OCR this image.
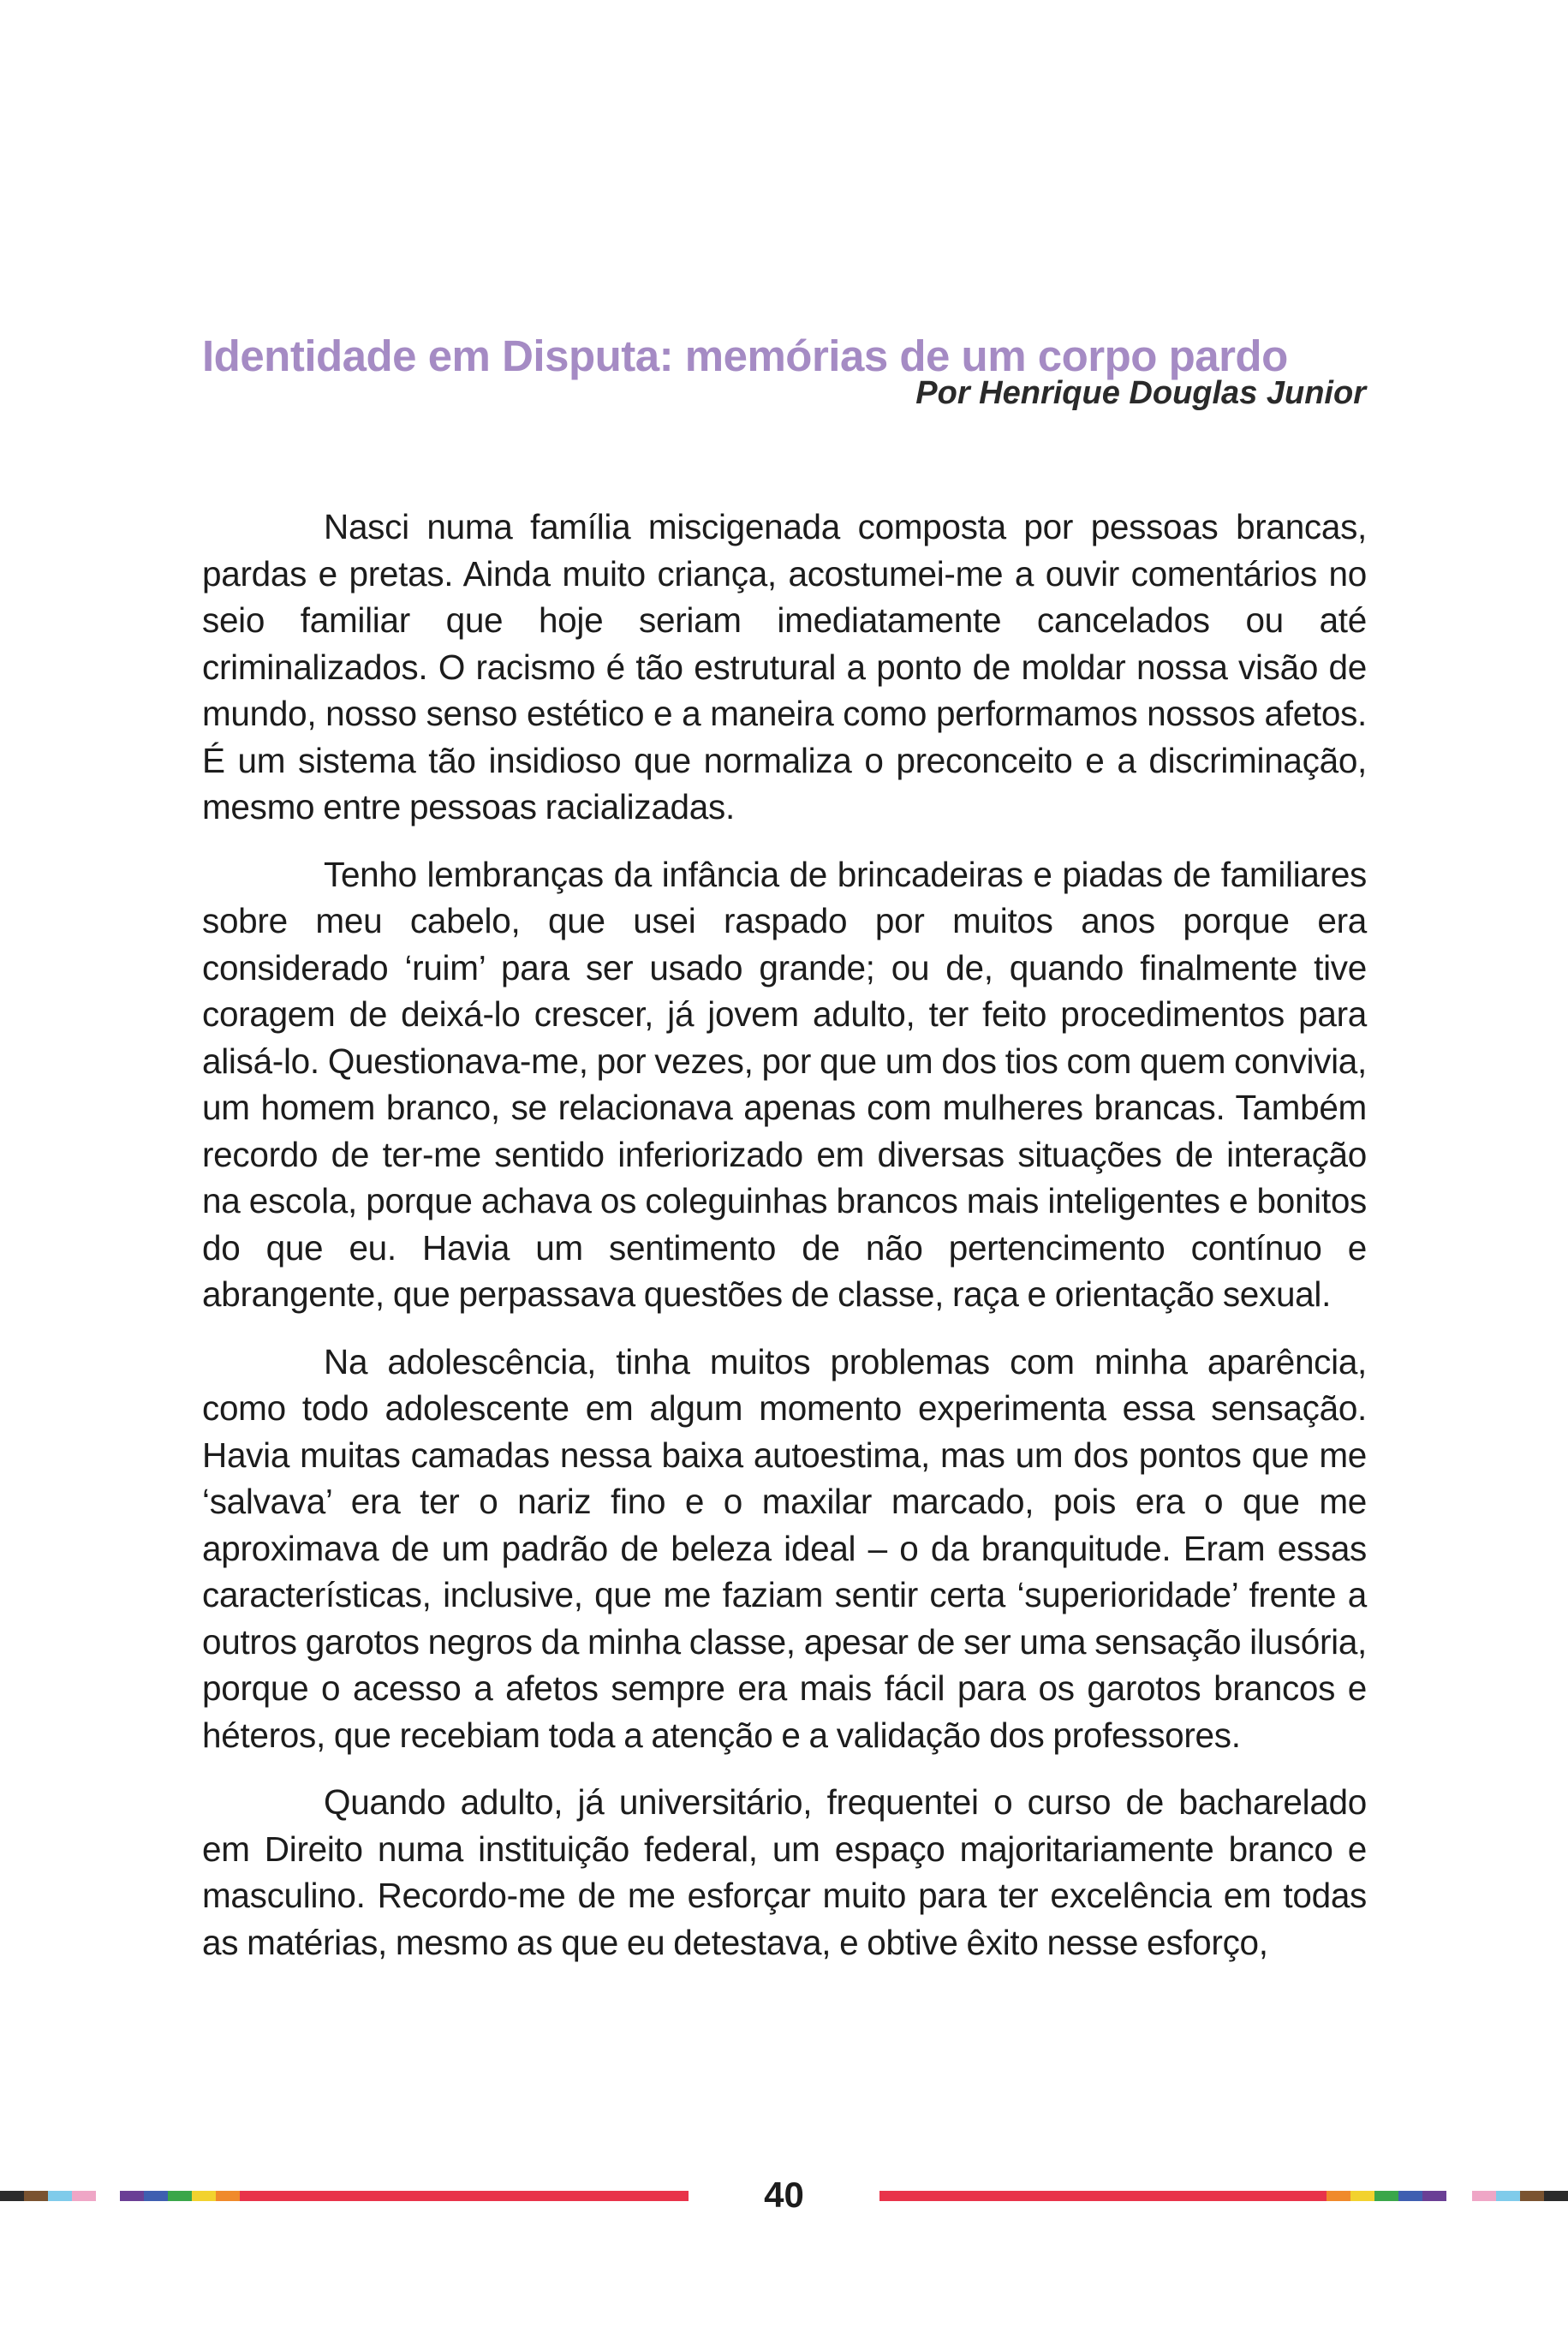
Identidade em Disputa: memórias de um corpo pardo
Por Henrique Douglas Junior

Nasci numa família miscigenada composta por pessoas brancas, pardas e pretas. Ainda muito criança, acostumei-me a ouvir comentários no seio familiar que hoje seriam imediatamente cancelados ou até criminalizados. O racismo é tão estrutural a ponto de moldar nossa visão de mundo, nosso senso estético e a maneira como performamos nossos afetos. É um sistema tão insidioso que normaliza o preconceito e a discriminação, mesmo entre pessoas racializadas.

Tenho lembranças da infância de brincadeiras e piadas de familiares sobre meu cabelo, que usei raspado por muitos anos porque era considerado ‘ruim’ para ser usado grande; ou de, quando finalmente tive coragem de deixá-lo crescer, já jovem adulto, ter feito procedimentos para alisá-lo. Questionava-me, por vezes, por que um dos tios com quem convivia, um homem branco, se relacionava apenas com mulheres brancas. Também recordo de ter-me sentido inferiorizado em diversas situações de interação na escola, porque achava os coleguinhas brancos mais inteligentes e bonitos do que eu. Havia um sentimento de não pertencimento contínuo e abrangente, que perpassava questões de classe, raça e orientação sexual.

Na adolescência, tinha muitos problemas com minha aparência, como todo adolescente em algum momento experimenta essa sensação. Havia muitas camadas nessa baixa autoestima, mas um dos pontos que me ‘salvava’ era ter o nariz fino e o maxilar marcado, pois era o que me aproximava de um padrão de beleza ideal – o da branquitude. Eram essas características, inclusive, que me faziam sentir certa ‘superioridade’ frente a outros garotos negros da minha classe, apesar de ser uma sensação ilusória, porque o acesso a afetos sempre era mais fácil para os garotos brancos e héteros, que recebiam toda a atenção e a validação dos professores.

Quando adulto, já universitário, frequentei o curso de bacharelado em Direito numa instituição federal, um espaço majoritariamente branco e masculino. Recordo-me de me esforçar muito para ter excelência em todas as matérias, mesmo as que eu detestava, e obtive êxito nesse esforço,

40
